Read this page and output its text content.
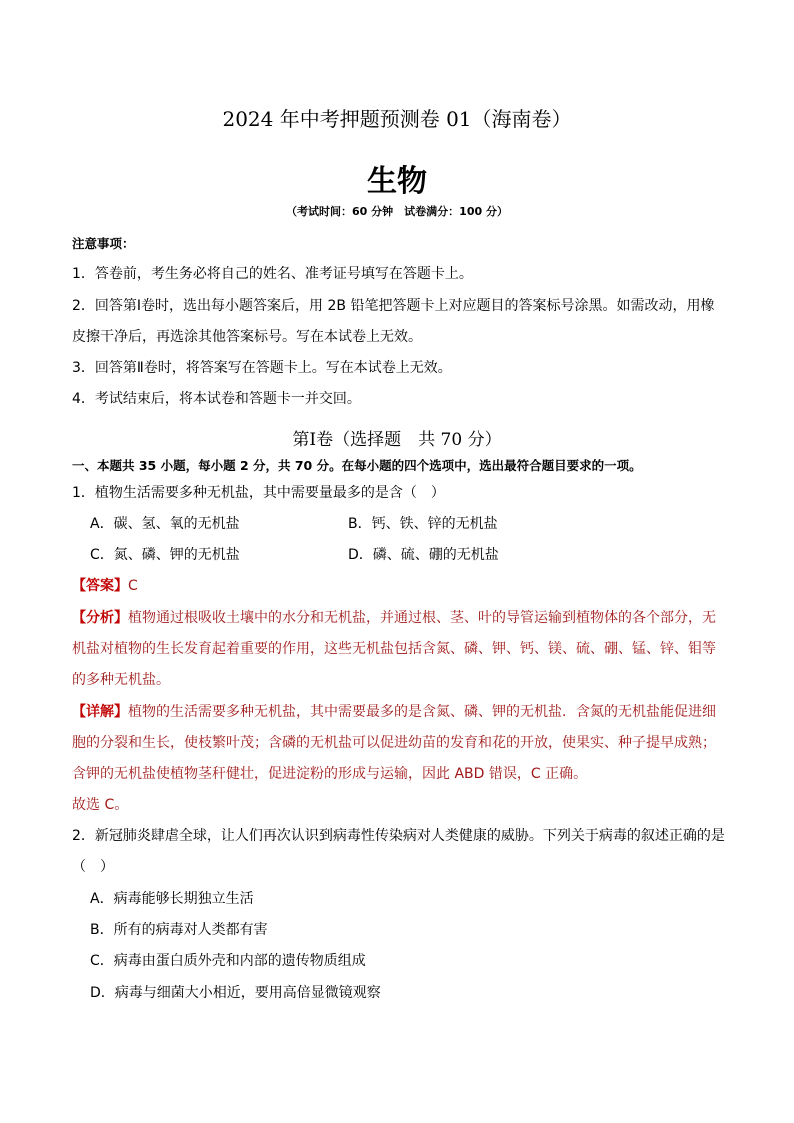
2024 年中考押题预测卷 01（海南卷）
生物
（考试时间：60 分钟　试卷满分：100 分）
注意事项：
1．答卷前，考生务必将自己的姓名、准考证号填写在答题卡上。
2．回答第Ⅰ卷时，选出每小题答案后，用 2B 铅笔把答题卡上对应题目的答案标号涂黑。如需改动，用橡
皮擦干净后，再选涂其他答案标号。写在本试卷上无效。
3．回答第Ⅱ卷时，将答案写在答题卡上。写在本试卷上无效。
4．考试结束后，将本试卷和答题卡一并交回。
第Ⅰ卷（选择题　共 70 分）
一、本题共 35 小题，每小题 2 分，共 70 分。在每小题的四个选项中，选出最符合题目要求的一项。
1．植物生活需要多种无机盐，其中需要量最多的是含（　）
A．碳、氢、氧的无机盐	B．钙、铁、锌的无机盐
C．氮、磷、钾的无机盐	D．磷、硫、硼的无机盐
【答案】C
【分析】植物通过根吸收土壤中的水分和无机盐，并通过根、茎、叶的导管运输到植物体的各个部分，无
机盐对植物的生长发育起着重要的作用，这些无机盐包括含氮、磷、钾、钙、镁、硫、硼、锰、锌、钼等
的多种无机盐。
【详解】植物的生活需要多种无机盐，其中需要最多的是含氮、磷、钾的无机盐．含氮的无机盐能促进细
胞的分裂和生长，使枝繁叶茂；含磷的无机盐可以促进幼苗的发育和花的开放，使果实、种子提早成熟；
含钾的无机盐使植物茎秆健壮，促进淀粉的形成与运输，因此 ABD 错误，C 正确。
故选 C。
2．新冠肺炎肆虐全球，让人们再次认识到病毒性传染病对人类健康的威胁。下列关于病毒的叙述正确的是
（　）
A．病毒能够长期独立生活
B．所有的病毒对人类都有害
C．病毒由蛋白质外壳和内部的遗传物质组成
D．病毒与细菌大小相近，要用高倍显微镜观察
